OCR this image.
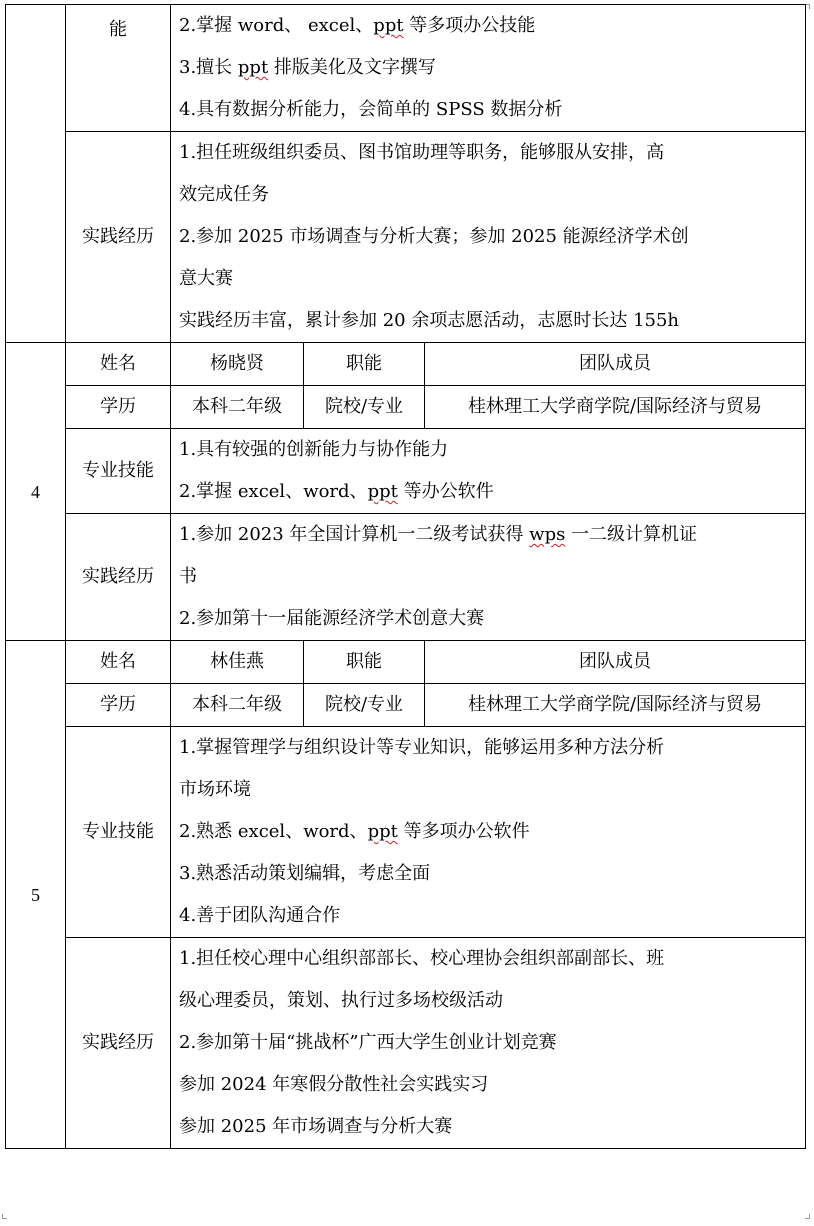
	能	2.掌握 word、 excel、ppt 等多项办公技能
3.擅长 ppt 排版美化及文字撰写
4.具有数据分析能力，会简单的 SPSS 数据分析		

	实践经历	1.担任班级组织委员、图书馆助理等职务，能够服从安排，高
效完成任务
2.参加 2025 市场调查与分析大赛；参加 2025 能源经济学术创
意大赛
实践经历丰富，累计参加 20 余项志愿活动，志愿时长达 155h		

4	姓名	杨晓贤	职能	团队成员
	学历	本科二年级	院校/专业	桂林理工大学商学院/国际经济与贸易
	专业技能	1.具有较强的创新能力与协作能力
2.掌握 excel、word、ppt 等办公软件		

	实践经历	1.参加 2023 年全国计算机一二级考试获得 wps 一二级计算机证
书
2.参加第十一届能源经济学术创意大赛		

5	姓名	林佳燕	职能	团队成员
	学历	本科二年级	院校/专业	桂林理工大学商学院/国际经济与贸易
	专业技能	1.掌握管理学与组织设计等专业知识，能够运用多种方法分析
市场环境
2.熟悉 excel、word、ppt 等多项办公软件
3.熟悉活动策划编辑，考虑全面
4.善于团队沟通合作		

	实践经历	1.担任校心理中心组织部部长、校心理协会组织部副部长、班
级心理委员，策划、执行过多场校级活动
2.参加第十届“挑战杯”广西大学生创业计划竞赛
参加 2024 年寒假分散性社会实践实习
参加 2025 年市场调查与分析大赛		
